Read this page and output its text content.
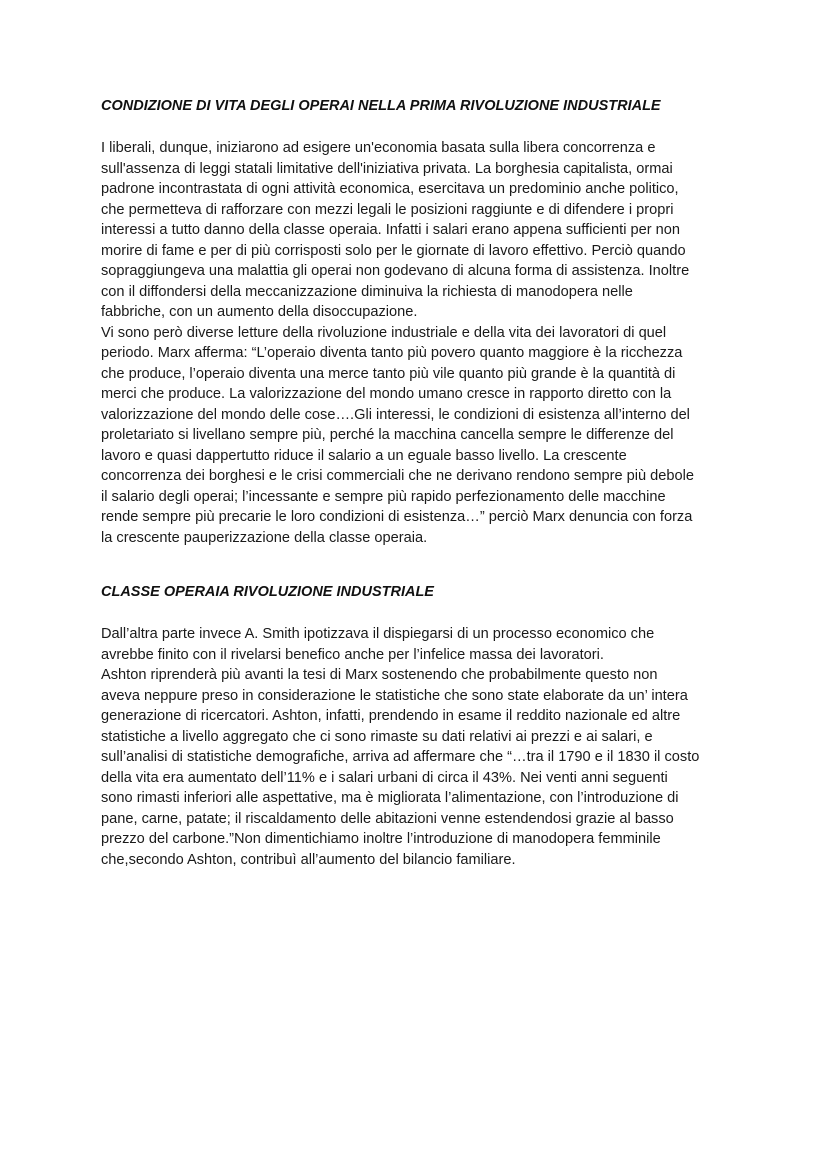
CONDIZIONE DI VITA DEGLI OPERAI NELLA PRIMA RIVOLUZIONE INDUSTRIALE
I liberali, dunque, iniziarono ad esigere un'economia basata sulla libera concorrenza e
sull'assenza di leggi statali limitative dell'iniziativa privata. La borghesia capitalista, ormai
padrone incontrastata di ogni attività economica, esercitava un predominio anche politico,
che permetteva di rafforzare con mezzi legali le posizioni raggiunte e di difendere i propri
interessi a tutto danno della classe operaia. Infatti i salari erano appena sufficienti per non
morire di fame e per di più corrisposti solo per le giornate di lavoro effettivo. Perciò quando
sopraggiungeva una malattia gli operai non godevano di alcuna forma di assistenza. Inoltre
con il diffondersi della meccanizzazione diminuiva la richiesta di manodopera nelle
fabbriche, con un aumento della disoccupazione.
Vi sono però diverse letture della rivoluzione industriale e della vita dei lavoratori di quel
periodo. Marx afferma: “L’operaio diventa tanto più povero quanto maggiore è la ricchezza
che produce, l’operaio diventa una merce tanto più vile quanto più grande è la quantità di
merci che produce. La valorizzazione del mondo umano cresce in rapporto diretto con la
valorizzazione del mondo delle cose….Gli interessi, le condizioni di esistenza all’interno del
proletariato si livellano sempre più, perché la macchina cancella sempre le differenze del
lavoro e quasi dappertutto riduce il salario a un eguale basso livello. La crescente
concorrenza dei borghesi e le crisi commerciali che ne derivano rendono sempre più debole
il salario degli operai; l’incessante e sempre più rapido perfezionamento delle macchine
rende sempre più precarie le loro condizioni di esistenza…” perciò Marx denuncia con forza
la crescente pauperizzazione della classe operaia.
CLASSE OPERAIA RIVOLUZIONE INDUSTRIALE
Dall’altra parte invece A. Smith ipotizzava il dispiegarsi di un processo economico che
avrebbe finito con il rivelarsi benefico anche per l’infelice massa dei lavoratori.
Ashton riprenderà più avanti la tesi di Marx sostenendo che probabilmente questo non
aveva neppure preso in considerazione le statistiche che sono state elaborate da un’ intera
generazione di ricercatori. Ashton, infatti, prendendo in esame il reddito nazionale ed altre
statistiche a livello aggregato che ci sono rimaste su dati relativi ai prezzi e ai salari, e
sull’analisi di statistiche demografiche, arriva ad affermare che “…tra il 1790 e il 1830 il costo
della vita era aumentato dell’11% e i salari urbani di circa il 43%. Nei venti anni seguenti
sono rimasti inferiori alle aspettative, ma è migliorata l’alimentazione, con l’introduzione di
pane, carne, patate; il riscaldamento delle abitazioni venne estendendosi grazie al basso
prezzo del carbone.”Non dimentichiamo inoltre l’introduzione di manodopera femminile
che,secondo Ashton, contribuì all’aumento del bilancio familiare.
